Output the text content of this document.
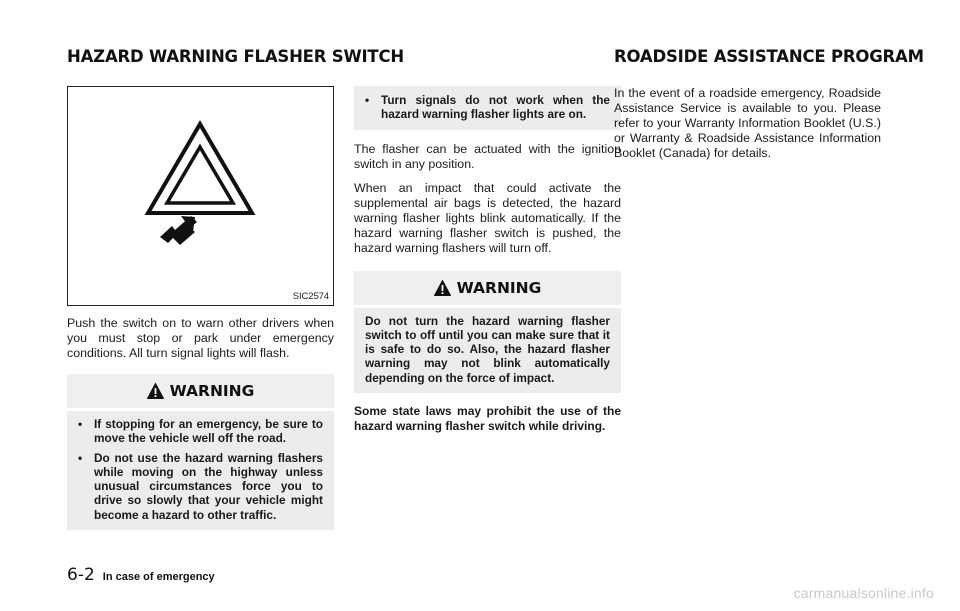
HAZARD WARNING FLASHER SWITCH	ROADSIDE ASSISTANCE PROGRAM
SIC2574

Push the switch on to warn other drivers when you must stop or park under emergency conditions. All turn signal lights will flash.

WARNING
•	If stopping for an emergency, be sure to move the vehicle well off the road.
•	Do not use the hazard warning flashers while moving on the highway unless unusual circumstances force you to drive so slowly that your vehicle might become a hazard to other traffic.
•	Turn signals do not work when the hazard warning flasher lights are on.

The flasher can be actuated with the ignition switch in any position.

When an impact that could activate the supplemental air bags is detected, the hazard warning flasher lights blink automatically. If the hazard warning flasher switch is pushed, the hazard warning flashers will turn off.

WARNING

Do not turn the hazard warning flasher switch to off until you can make sure that it is safe to do so. Also, the hazard flasher warning may not blink automatically depending on the force of impact.

Some state laws may prohibit the use of the hazard warning flasher switch while driving.

In the event of a roadside emergency, Roadside Assistance Service is available to you. Please refer to your Warranty Information Booklet (U.S.) or Warranty & Roadside Assistance Information Booklet (Canada) for details.

6-2 In case of emergency
carmanualsonline.info
